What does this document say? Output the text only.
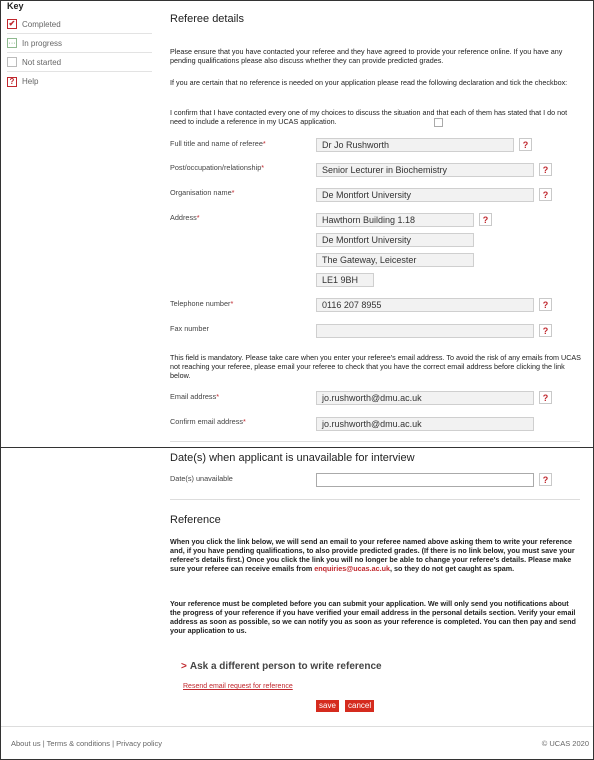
Key
✔ Completed
··· In progress
Not started
? Help
Referee details
Please ensure that you have contacted your referee and they have agreed to provide your reference online. If you have any pending qualifications please also discuss whether they can provide predicted grades.
If you are certain that no reference is needed on your application please read the following declaration and tick the checkbox:
I confirm that I have contacted every one of my choices to discuss the situation and that each of them has stated that I do not need to include a reference in my UCAS application.
Full title and name of referee*	Dr Jo Rushworth	?
Post/occupation/relationship*	Senior Lecturer in Biochemistry	?
Organisation name*	De Montfort University	?
Address*	Hawthorn Building 1.18	?
De Montfort University
The Gateway, Leicester
LE1 9BH
Telephone number*	0116 207 8955	?
Fax number	?
This field is mandatory. Please take care when you enter your referee's email address. To avoid the risk of any emails from UCAS not reaching your referee, please email your referee to check that you have the correct email address before clicking the link below.
Email address*	jo.rushworth@dmu.ac.uk	?
Confirm email address*	jo.rushworth@dmu.ac.uk
Date(s) when applicant is unavailable for interview
Date(s) unavailable	?
Reference
When you click the link below, we will send an email to your referee named above asking them to write your reference and, if you have pending qualifications, to also provide predicted grades. (If there is no link below, you must save your referee's details first.) Once you click the link you will no longer be able to change your referee's details. Please make sure your referee can receive emails from enquiries@ucas.ac.uk, so they do not get caught as spam.
Your reference must be completed before you can submit your application. We will only send you notifications about the progress of your reference if you have verified your email address in the personal details section. Verify your email address as soon as possible, so we can notify you as soon as your reference is completed. You can then pay and send your application to us.
> Ask a different person to write reference
Resend email request for reference
save	cancel
About us | Terms & conditions | Privacy policy	© UCAS 2020
